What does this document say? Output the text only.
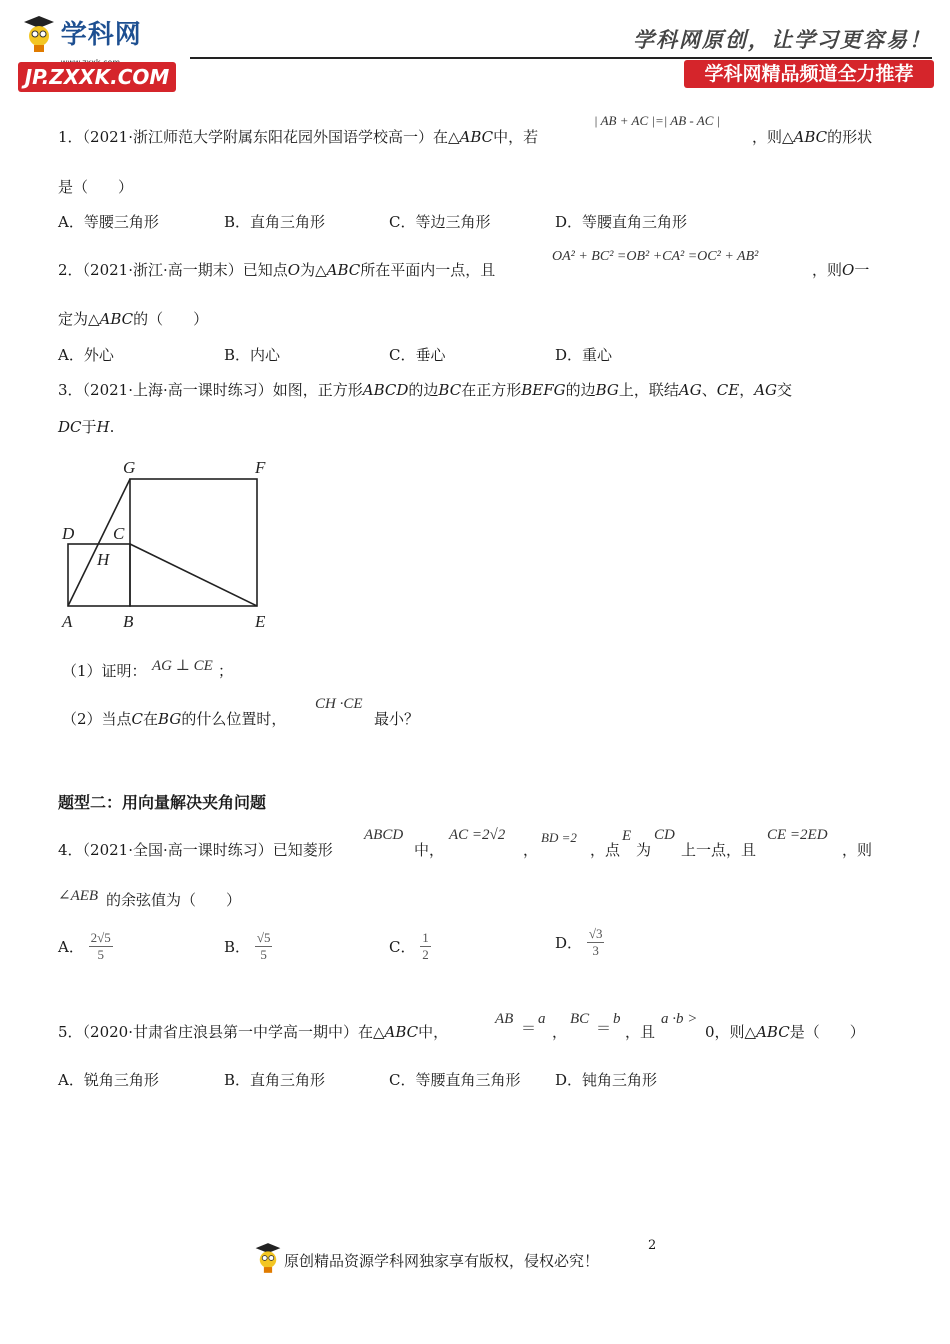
学科网

JP.ZXXK.COM
学科网原创，让学习更容易！
学科网精品频道全力推荐
1．（2021·浙江师范大学附属东阳花园外国语学校高一）在△ABC中，若
| AB + AC |=| AB - AC |
，则△ABC的形状
是（　　）
A．等腰三角形	B．直角三角形	C．等边三角形	D．等腰直角三角形
2．（2021·浙江·高一期末）已知点O为△ABC所在平面内一点，且
OA² + BC² =OB² +CA² =OC² + AB²
，则O一
定为△ABC的（　　）
A．外心	B．内心	C．垂心	D．重心
3．（2021·上海·高一课时练习）如图，正方形ABCD的边BC在正方形BEFG的边BG上，联结AG、CE，AG交
DC于H.
G	F
D C
H
A	B	E
（1）证明： AG ⊥ CE ；
（2）当点C在BG的什么位置时，
CH ·CE
最小？
题型二：用向量解决夹角问题
4．（2021·全国·高一课时练习）已知菱形
ABCD
中，
AC =2√2
，
BD =2
，点
E
为
CD
上一点，且
CE =2ED
，则
∠AEB 的余弦值为（　　）
A． $\frac{2√5}{5}$	B． $\frac{√5}{5}$	C． $\frac{1}{2}$	D． $\frac{√3}{3}$
5．（2020·甘肃省庄浪县第一中学高一期中）在△ABC中，
AB ＝ a
，
BC ＝ b
，且
a ·b >
0，则△ABC是（　　）
A．锐角三角形	B．直角三角形	C．等腰直角三角形 D．钝角三角形
原创精品资源学科网独家享有版权，侵权必究！
2
